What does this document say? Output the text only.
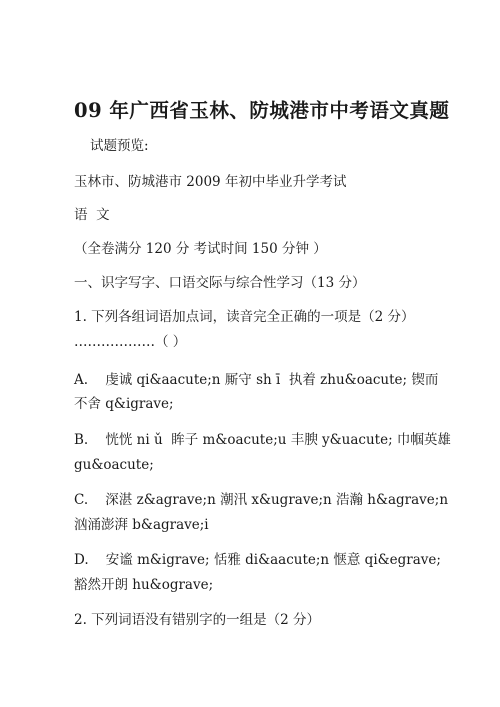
09 年广西省玉林、防城港市中考语文真题
试题预览:
玉林市、防城港市 2009 年初中毕业升学考试
语  文
（全卷满分 120 分 考试时间 150 分钟 ）
一、识字写字、口语交际与综合性学习（13 分）
1. 下列各组词语加点词，读音完全正确的一项是（2 分）
………………（ ）
A.    虔诚 qi&aacute;n 厮守 sh ī  执着 zhu&oacute; 锲而
不舍 q&igrave;
B.    恍恍 ni ǔ  眸子 m&oacute;u 丰腴 y&uacute; 巾帼英雄
gu&oacute;
C.    深湛 z&agrave;n 潮汛 x&ugrave;n 浩瀚 h&agrave;n
汹涌澎湃 b&agrave;i
D.    安谧 m&igrave; 恬雅 di&aacute;n 惬意 qi&egrave;
豁然开朗 hu&ograve;
2. 下列词语没有错别字的一组是（2 分）
